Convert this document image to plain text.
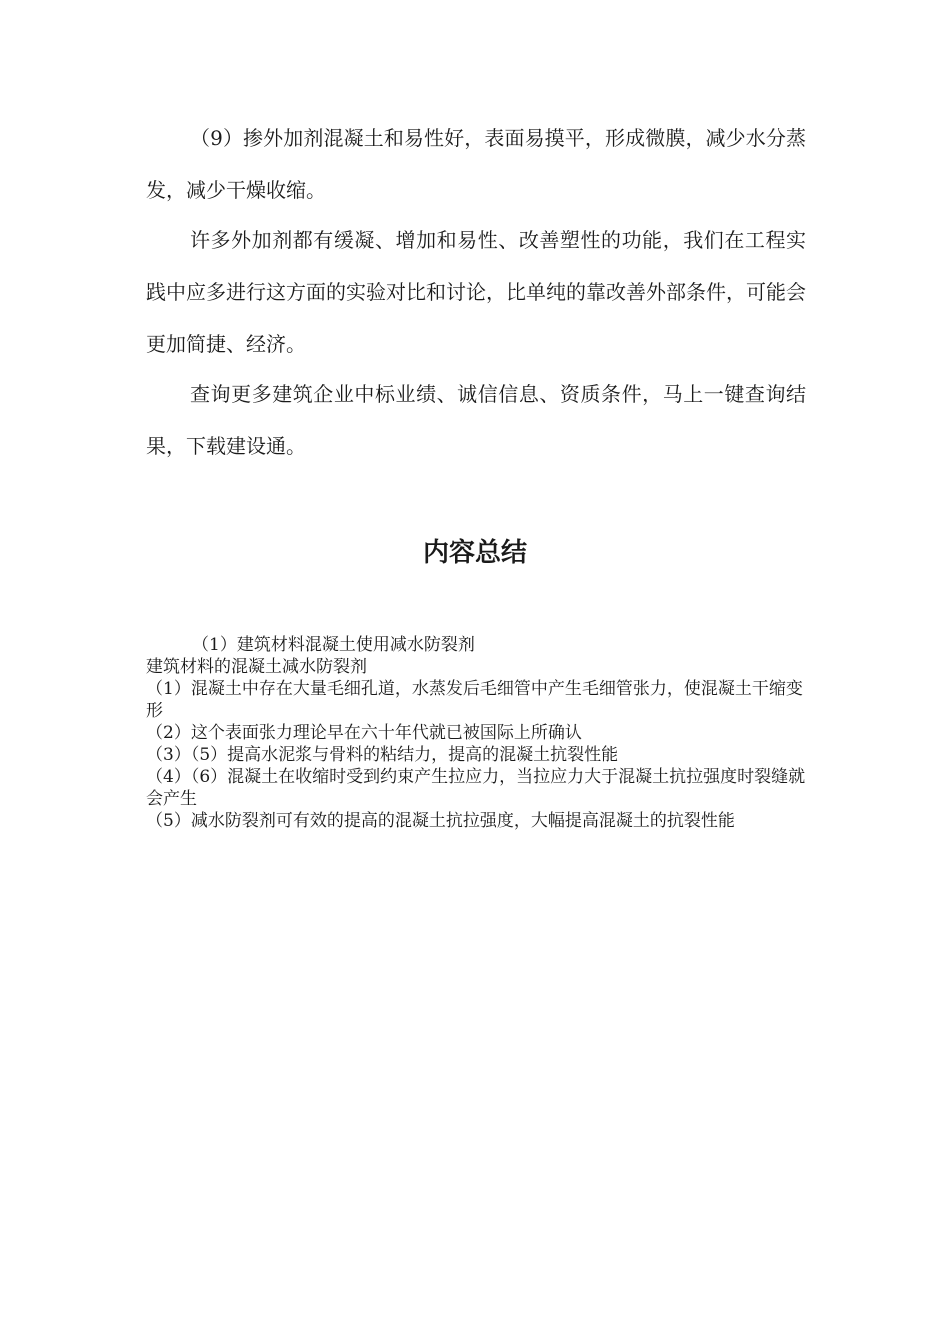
（9）掺外加剂混凝土和易性好，表面易摸平，形成微膜，减少水分蒸发，减少干燥收缩。

许多外加剂都有缓凝、增加和易性、改善塑性的功能，我们在工程实践中应多进行这方面的实验对比和讨论，比单纯的靠改善外部条件，可能会更加简捷、经济。

查询更多建筑企业中标业绩、诚信信息、资质条件，马上一键查询结果，下载建设通。

内容总结
（1）建筑材料混凝土使用减水防裂剂
建筑材料的混凝土减水防裂剂
（1）混凝土中存在大量毛细孔道，水蒸发后毛细管中产生毛细管张力，使混凝土干缩变形
（2）这个表面张力理论早在六十年代就已被国际上所确认
（3）（5）提高水泥浆与骨料的粘结力，提高的混凝土抗裂性能
（4）（6）混凝土在收缩时受到约束产生拉应力，当拉应力大于混凝土抗拉强度时裂缝就会产生
（5）减水防裂剂可有效的提高的混凝土抗拉强度，大幅提高混凝土的抗裂性能
